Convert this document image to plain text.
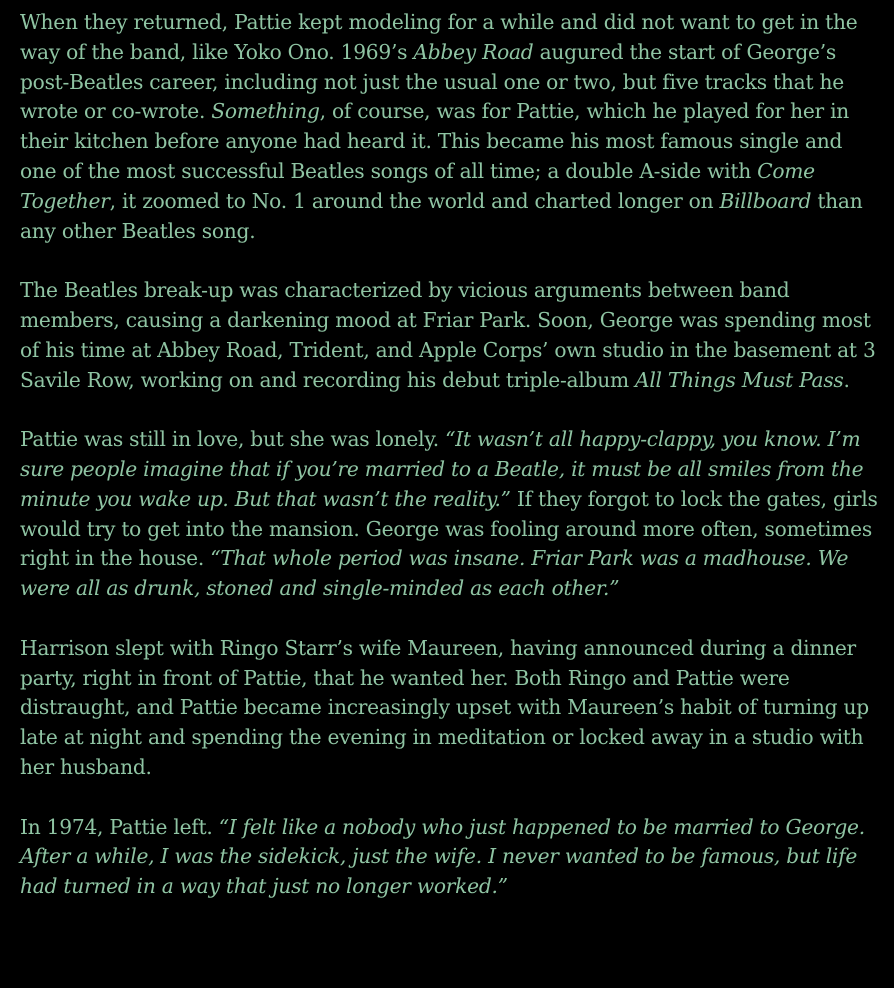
When they returned, Pattie kept modeling for a while and did not want to get in the way of the band, like Yoko Ono. 1969’s Abbey Road augured the start of George’s post-Beatles career, including not just the usual one or two, but five tracks that he wrote or co-wrote. Something, of course, was for Pattie, which he played for her in their kitchen before anyone had heard it. This became his most famous single and one of the most successful Beatles songs of all time; a double A-side with Come Together, it zoomed to No. 1 around the world and charted longer on Billboard than any other Beatles song.

The Beatles break-up was characterized by vicious arguments between band members, causing a darkening mood at Friar Park. Soon, George was spending most of his time at Abbey Road, Trident, and Apple Corps’ own studio in the basement at 3 Savile Row, working on and recording his debut triple-album All Things Must Pass.

Pattie was still in love, but she was lonely. “It wasn’t all happy-clappy, you know. I’m sure people imagine that if you’re married to a Beatle, it must be all smiles from the minute you wake up. But that wasn’t the reality.” If they forgot to lock the gates, girls would try to get into the mansion. George was fooling around more often, sometimes right in the house. “That whole period was insane. Friar Park was a madhouse. We were all as drunk, stoned and single-minded as each other.”

Harrison slept with Ringo Starr’s wife Maureen, having announced during a dinner party, right in front of Pattie, that he wanted her. Both Ringo and Pattie were distraught, and Pattie became increasingly upset with Maureen’s habit of turning up late at night and spending the evening in meditation or locked away in a studio with her husband.

In 1974, Pattie left. “I felt like a nobody who just happened to be married to George. After a while, I was the sidekick, just the wife. I never wanted to be famous, but life had turned in a way that just no longer worked.”
